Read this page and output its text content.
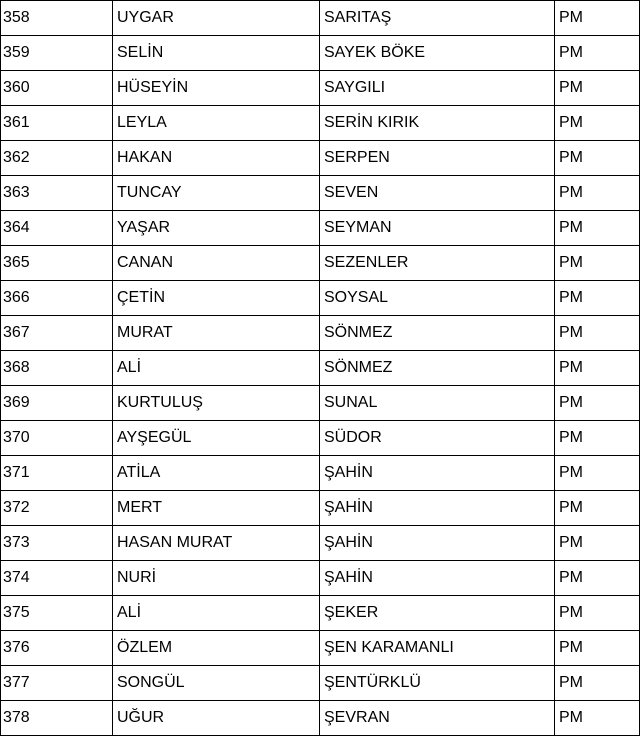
358	UYGAR	SARITAŞ	PM
359	SELİN	SAYEK BÖKE	PM
360	HÜSEYİN	SAYGILI	PM
361	LEYLA	SERİN KIRIK	PM
362	HAKAN	SERPEN	PM
363	TUNCAY	SEVEN	PM
364	YAŞAR	SEYMAN	PM
365	CANAN	SEZENLER	PM
366	ÇETİN	SOYSAL	PM
367	MURAT	SÖNMEZ	PM
368	ALİ	SÖNMEZ	PM
369	KURTULUŞ	SUNAL	PM
370	AYŞEGÜL	SÜDOR	PM
371	ATİLA	ŞAHİN	PM
372	MERT	ŞAHİN	PM
373	HASAN MURAT	ŞAHİN	PM
374	NURİ	ŞAHİN	PM
375	ALİ	ŞEKER	PM
376	ÖZLEM	ŞEN KARAMANLI	PM
377	SONGÜL	ŞENTÜRKLÜ	PM
378	UĞUR	ŞEVRAN	PM
